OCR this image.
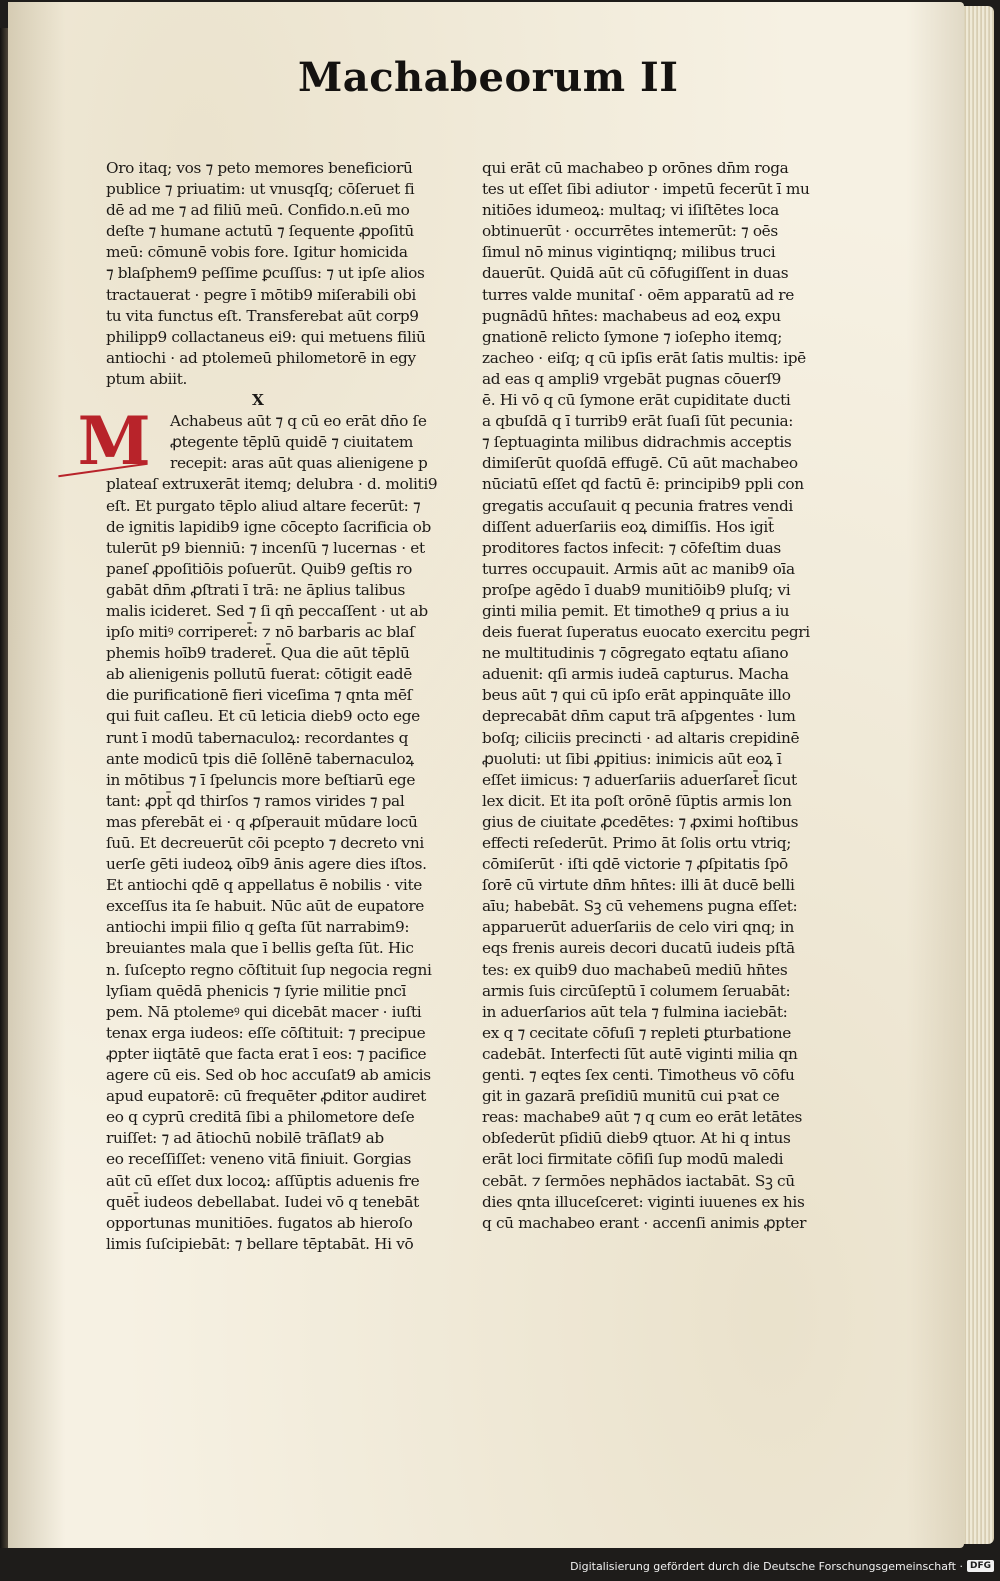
Machabeorum II
Oro itaq; vos ⁊ peto memores beneficiorū
publice ⁊ priuatim: ut vnusqſq; cōſeruet fi
dē ad me ⁊ ad filiū meū. Confido.n.eū mo
deſte ⁊ humane actutū ⁊ ſequente ꝓpoſitū
meū: cōmunē vobis fore. Igitur homicida
⁊ blaſphem9 peſſime ꝑcuſſus: ⁊ ut ipſe alios
tractauerat · pegre ī mōtib9 miſerabili obi
tu vita functus eſt. Transferebat aūt corp9
philipp9 collactaneus ei9: qui metuens filiū
antiochi · ad ptolemeū philometorē in egy
ptum abiit.
X
M	Achabeus aūt ⁊ q cū eo erāt dn̄o ſe
ꝓtegente tēplū quidē ⁊ ciuitatem
recepit: aras aūt quas alienigene p
plateaſ extruxerāt itemq; delubra · d. moliti9
eſt. Et purgato tēplo aliud altare fecerūt: ⁊
de ignitis lapidib9 igne cōcepto ſacrificia ob
tulerūt p9 bienniū: ⁊ incenſū ⁊ lucernas · et
paneſ ꝓpoſitiōis poſuerūt. Quib9 geſtis ro
gabāt dn̄m ꝓſtrati ī trā: ne āplius talibus
malis icideret. Sed ⁊ ſi qn̄ peccaſſent · ut ab
ipſo mitiꝰ corriperet̄: ⁊ nō barbaris ac blaſ
phemis hoīb9 traderet̄. Qua die aūt tēplū
ab alienigenis pollutū fuerat: cōtigit eadē
die purificationē fieri viceſima ⁊ qnta mēſ
qui fuit caſleu. Et cū leticia dieb9 octo ege
runt ī modū tabernaculoꝝ: recordantes q
ante modicū tpis diē ſollēnē tabernaculoꝝ
in mōtibus ⁊ ī ſpeluncis more beſtiarū ege
tant: ꝓpt̄ qd thirſos ⁊ ramos virides ⁊ pal
mas pferebāt ei · q ꝓſperauit mūdare locū
ſuū. Et decreuerūt cōi pcepto ⁊ decreto vni
uerſe gēti iudeoꝝ oīb9 ānis agere dies iſtos.
Et antiochi qdē q appellatus ē nobilis · vite
exceſſus ita ſe habuit. Nūc aūt de eupatore
antiochi impii filio q geſta ſūt narrabim9:
breuiantes mala que ī bellis geſta ſūt. Hic
n. ſuſcepto regno cōſtituit ſup negocia regni
lyſiam quēdā phenicis ⁊ ſyrie militie pncī
pem. Nā ptolemeꝰ qui dicebāt macer · iuſti
tenax erga iudeos: eſſe cōſtituit: ⁊ precipue
ꝓpter iiqtātē que facta erat ī eos: ⁊ pacifice
agere cū eis. Sed ob hoc accuſat9 ab amicis
apud eupatorē: cū frequēter ꝓditor audiret
eo q cyprū creditā ſibi a philometore deſe
ruiſſet: ⁊ ad ātiochū nobilē trāſlat9 ab
eo receſſiſſet: veneno vitā finiuit. Gorgias
aūt cū eſſet dux locoꝝ: aſſūptis aduenis fre
quēt̄ iudeos debellabat. Iudei vō q tenebāt
opportunas munitiōes. fugatos ab hieroſo
limis ſuſcipiebāt: ⁊ bellare tēptabāt. Hi vō
qui erāt cū machabeo p orōnes dn̄m roga
tes ut eſſet ſibi adiutor · impetū fecerūt ī mu
nitiōes idumeoꝝ: multaq; vi iſiſtētes loca
obtinuerūt · occurrētes intemerūt: ⁊ oēs
ſimul nō minus vigintiqnq; milibus truci
dauerūt. Quidā aūt cū cōfugiſſent in duas
turres valde munitaſ · oēm apparatū ad re
pugnādū hn̄tes: machabeus ad eoꝝ expu
gnationē relicto ſymone ⁊ ioſepho itemq;
zacheo · eiſq; q cū ipſis erāt ſatis multis: ipē
ad eas q ampli9 vrgebāt pugnas cōuerſ9
ē. Hi vō q cū ſymone erāt cupiditate ducti
a qbuſdā q ī turrib9 erāt ſuaſi ſūt pecunia:
⁊ ſeptuaginta milibus didrachmis acceptis
dimiſerūt quoſdā effugē. Cū aūt machabeo
nūciatū eſſet qd factū ē: principib9 ppli con
gregatis accuſauit q pecunia fratres vendi
diſſent aduerſariis eoꝝ dimiſſis. Hos igit̄
proditores factos infecit: ⁊ cōfeſtim duas
turres occupauit. Armis aūt ac manib9 oīa
proſpe agēdo ī duab9 munitiōib9 pluſq; vi
ginti milia pemit. Et timothe9 q prius a iu
deis fuerat ſuperatus euocato exercitu pegri
ne multitudinis ⁊ cōgregato eqtatu aſiano
aduenit: qſi armis iudeā capturus. Macha
beus aūt ⁊ qui cū ipſo erāt appinquāte illo
deprecabāt dn̄m caput trā aſpgentes · lum
boſq; ciliciis precincti · ad altaris crepidinē
ꝓuoluti: ut ſibi ꝓpitius: inimicis aūt eoꝝ ī
eſſet iimicus: ⁊ aduerſariis aduerſaret̄ ſicut
lex dicit. Et ita poſt orōnē ſūptis armis lon
gius de ciuitate ꝓcedētes: ⁊ ꝓximi hoſtibus
effecti reſederūt. Primo āt ſolis ortu vtriq;
cōmiſerūt · iſti qdē victorie ⁊ ꝓſpitatis ſpō
ſorē cū virtute dn̄m hn̄tes: illi āt ducē belli
aīu; habebāt. Sꝫ cū vehemens pugna eſſet:
apparuerūt aduerſariis de celo viri qnq; in
eqs frenis aureis decori ducatū iudeis pſtā
tes: ex quib9 duo machabeū mediū hn̄tes
armis ſuis circūſeptū ī columem ſeruabāt:
in aduerſarios aūt tela ⁊ fulmina iaciebāt:
ex q ⁊ cecitate cōfuſi ⁊ repleti ꝑturbatione
cadebāt. Interfecti ſūt autē viginti milia qn
genti. ⁊ eqtes ſex centi. Timotheus vō cōfu
git in gazarā preſidiū munitū cui pꝛat ce
reas: machabe9 aūt ⁊ q cum eo erāt letātes
obſederūt pſidiū dieb9 qtuor. At hi q intus
erāt loci firmitate cōfiſi ſup modū maledi
cebāt. ⁊ ſermōes nephādos iactabāt. Sꝫ cū
dies qnta illuceſceret: viginti iuuenes ex his
q cū machabeo erant · accenſi animis ꝓpter
Digitalisierung gefördert durch die Deutsche Forschungsgemeinschaft · DFG
